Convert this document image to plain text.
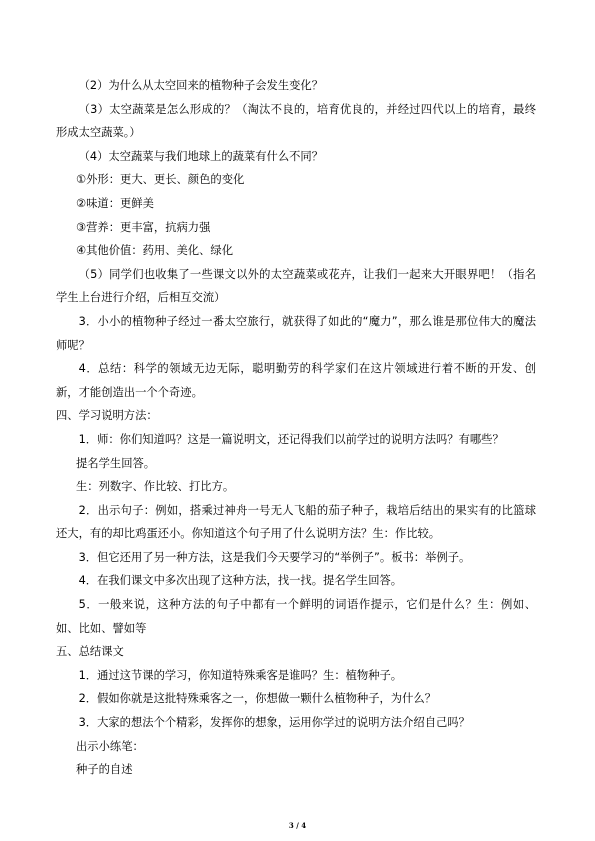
（2）为什么从太空回来的植物种子会发生变化？

（3）太空蔬菜是怎么形成的？（淘汰不良的，培育优良的，并经过四代以上的培育，最终形成太空蔬菜。）

（4）太空蔬菜与我们地球上的蔬菜有什么不同？

①外形：更大、更长、颜色的变化

②味道：更鲜美

③营养：更丰富，抗病力强

④其他价值：药用、美化、绿化

（5）同学们也收集了一些课文以外的太空蔬菜或花卉，让我们一起来大开眼界吧！（指名学生上台进行介绍，后相互交流）

3．小小的植物种子经过一番太空旅行，就获得了如此的“魔力”，那么谁是那位伟大的魔法师呢？

4．总结：科学的领域无边无际，聪明勤劳的科学家们在这片领域进行着不断的开发、创新，才能创造出一个个奇迹。

四、学习说明方法：

1．师：你们知道吗？这是一篇说明文，还记得我们以前学过的说明方法吗？有哪些？

提名学生回答。

生：列数字、作比较、打比方。

2．出示句子：例如，搭乘过神舟一号无人飞船的茄子种子，栽培后结出的果实有的比篮球还大，有的却比鸡蛋还小。你知道这个句子用了什么说明方法？生：作比较。

3．但它还用了另一种方法，这是我们今天要学习的“举例子”。板书：举例子。

4．在我们课文中多次出现了这种方法，找一找。提名学生回答。

5．一般来说，这种方法的句子中都有一个鲜明的词语作提示，它们是什么？生：例如、如、比如、譬如等

五、总结课文

1．通过这节课的学习，你知道特殊乘客是谁吗？生：植物种子。

2．假如你就是这批特殊乘客之一，你想做一颗什么植物种子，为什么？

3．大家的想法个个精彩，发挥你的想象，运用你学过的说明方法介绍自己吗？

出示小练笔：

种子的自述

3 / 4
